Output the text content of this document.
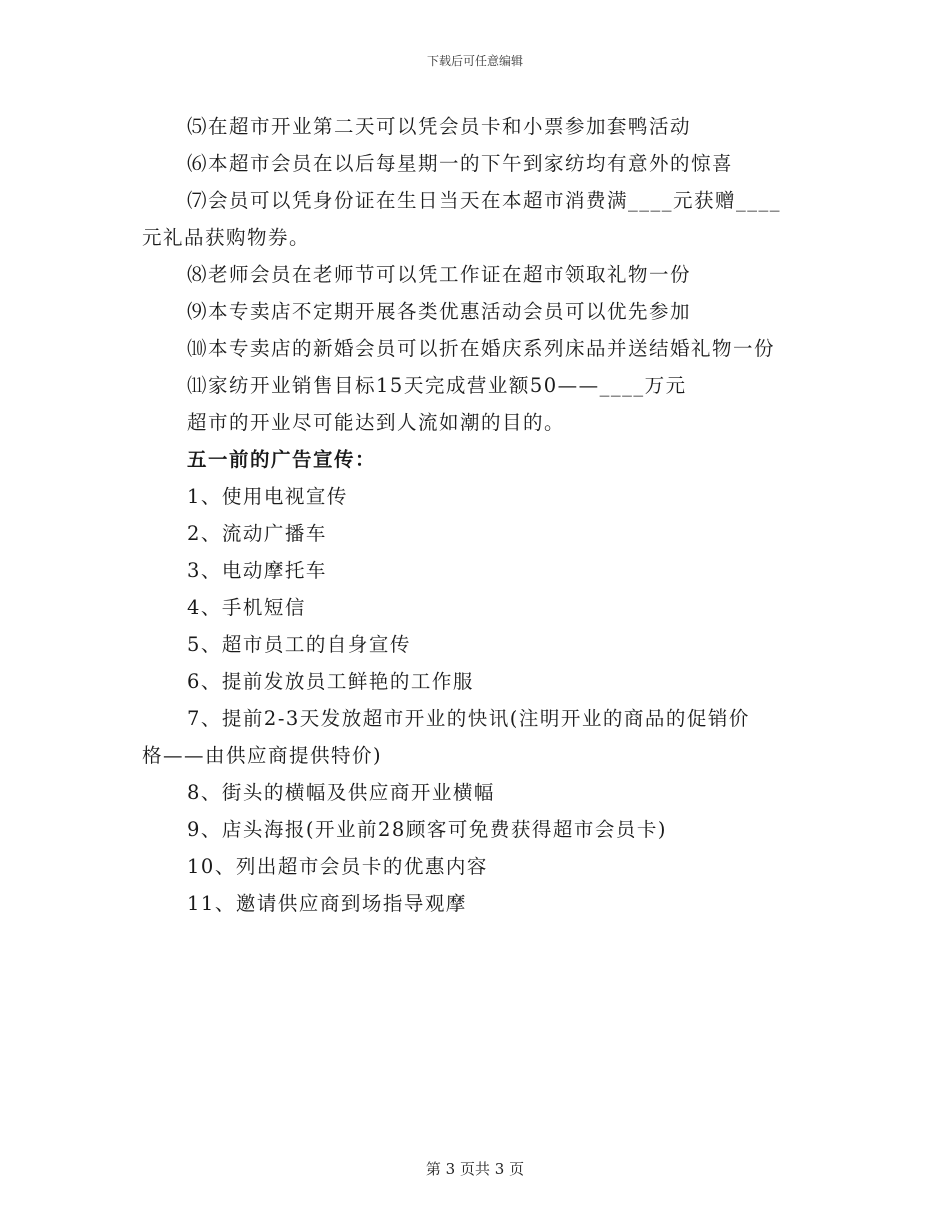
下载后可任意编辑
⑸在超市开业第二天可以凭会员卡和小票参加套鸭活动
⑹本超市会员在以后每星期一的下午到家纺均有意外的惊喜
⑺会员可以凭身份证在生日当天在本超市消费满____元获赠____
元礼品获购物券。
⑻老师会员在老师节可以凭工作证在超市领取礼物一份
⑼本专卖店不定期开展各类优惠活动会员可以优先参加
⑽本专卖店的新婚会员可以折在婚庆系列床品并送结婚礼物一份
⑾家纺开业销售目标15天完成营业额50——____万元
超市的开业尽可能达到人流如潮的目的。
五一前的广告宣传：
1、使用电视宣传
2、流动广播车
3、电动摩托车
4、手机短信
5、超市员工的自身宣传
6、提前发放员工鲜艳的工作服
7、提前2-3天发放超市开业的快讯(注明开业的商品的促销价
格——由供应商提供特价)
8、街头的横幅及供应商开业横幅
9、店头海报(开业前28顾客可免费获得超市会员卡)
10、列出超市会员卡的优惠内容
11、邀请供应商到场指导观摩
第 3 页共 3 页
